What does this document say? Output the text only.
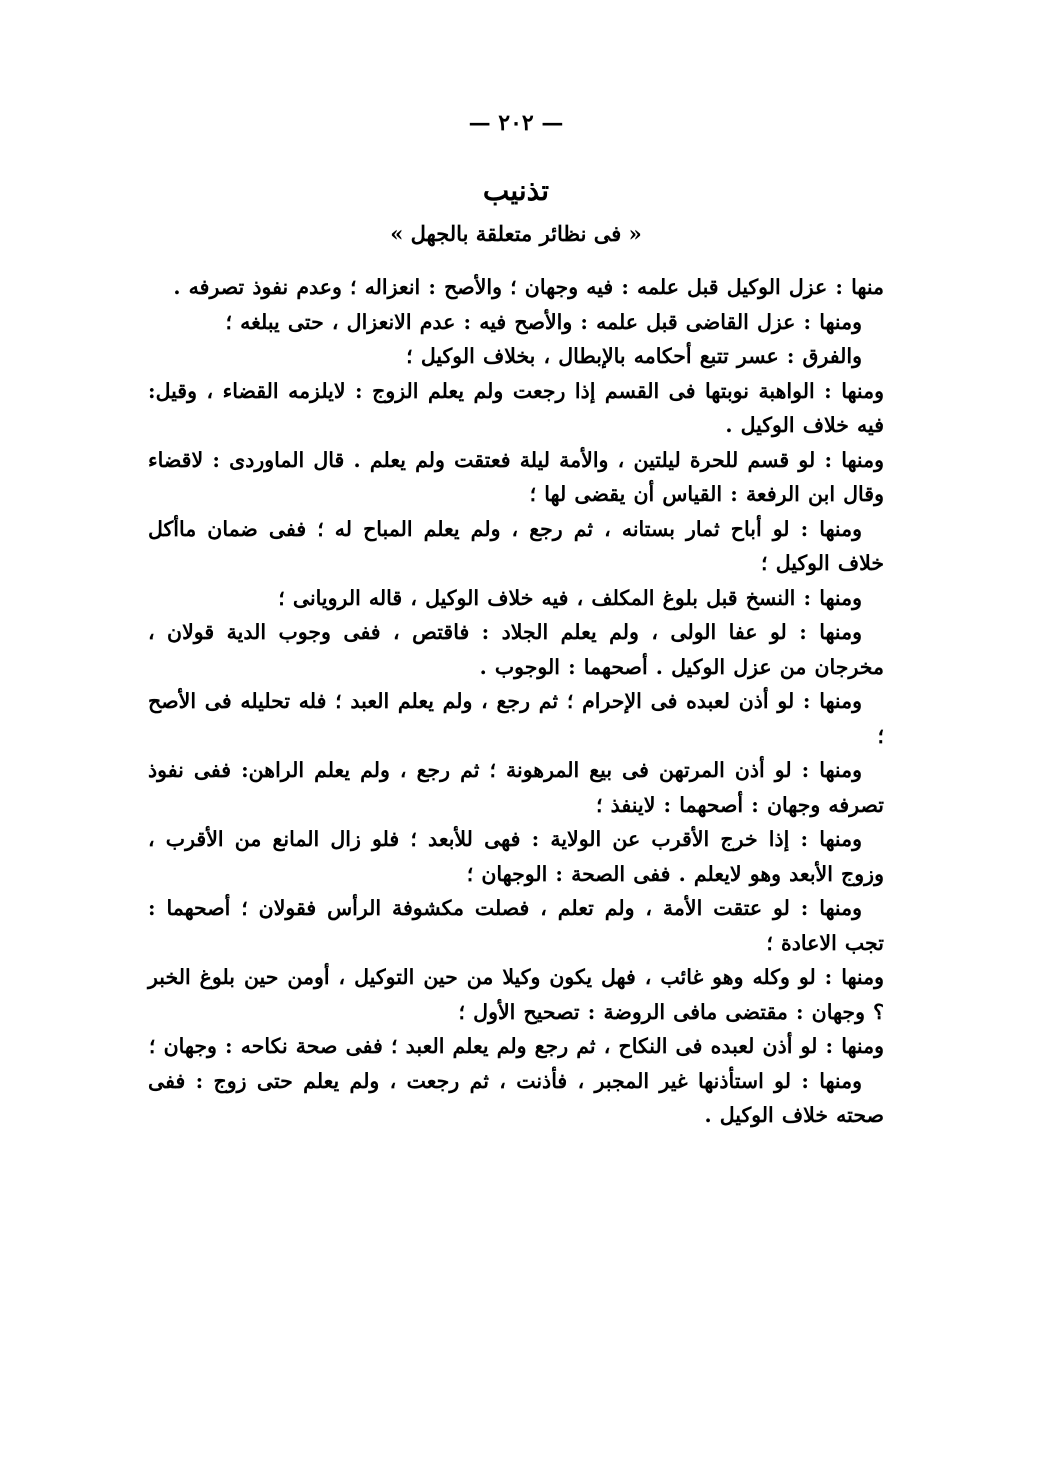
— ٢٠٢ —
تذنيب
« فى نظائر متعلقة بالجهل »

منها : عزل الوكيل قبل علمه : فيه وجهان ؛ والأصح : انعزاله ؛ وعدم نفوذ تصرفه .

ومنها : عزل القاضى قبل علمه : والأصح فيه : عدم الانعزال ، حتى يبلغه ؛

والفرق : عسر تتبع أحكامه بالإبطال ، بخلاف الوكيل ؛

ومنها : الواهبة نوبتها فى القسم إذا رجعت ولم يعلم الزوج : لايلزمه القضاء ، وقيل: فيه خلاف الوكيل .

ومنها : لو قسم للحرة ليلتين ، والأمة ليلة فعتقت ولم يعلم . قال الماوردى : لاقضاء وقال ابن الرفعة : القياس أن يقضى لها ؛

ومنها : لو أباح ثمار بستانه ، ثم رجع ، ولم يعلم المباح له ؛ ففى ضمان ماأكل خلاف الوكيل ؛

ومنها : النسخ قبل بلوغ المكلف ، فيه خلاف الوكيل ، قاله الرويانى ؛

ومنها : لو عفا الولى ، ولم يعلم الجلاد : فاقتص ، ففى وجوب الدية قولان ، مخرجان من عزل الوكيل . أصحهما : الوجوب .

ومنها : لو أذن لعبده فى الإحرام ؛ ثم رجع ، ولم يعلم العبد ؛ فله تحليله فى الأصح ؛

ومنها : لو أذن المرتهن فى بيع المرهونة ؛ ثم رجع ، ولم يعلم الراهن: ففى نفوذ تصرفه وجهان : أصحهما : لاينفذ ؛

ومنها : إذا خرج الأقرب عن الولاية : فهى للأبعد ؛ فلو زال المانع من الأقرب ، وزوج الأبعد وهو لايعلم . ففى الصحة : الوجهان ؛

ومنها : لو عتقت الأمة ، ولم تعلم ، فصلت مكشوفة الرأس فقولان ؛ أصحهما : تجب الاعادة ؛

ومنها : لو وكله وهو غائب ، فهل يكون وكيلا من حين التوكيل ، أومن حين بلوغ الخبر ؟ وجهان : مقتضى مافى الروضة : تصحيح الأول ؛

ومنها : لو أذن لعبده فى النكاح ، ثم رجع ولم يعلم العبد ؛ ففى صحة نكاحه : وجهان ؛

ومنها : لو استأذنها غير المجبر ، فأذنت ، ثم رجعت ، ولم يعلم حتى زوج : ففى صحته خلاف الوكيل .
